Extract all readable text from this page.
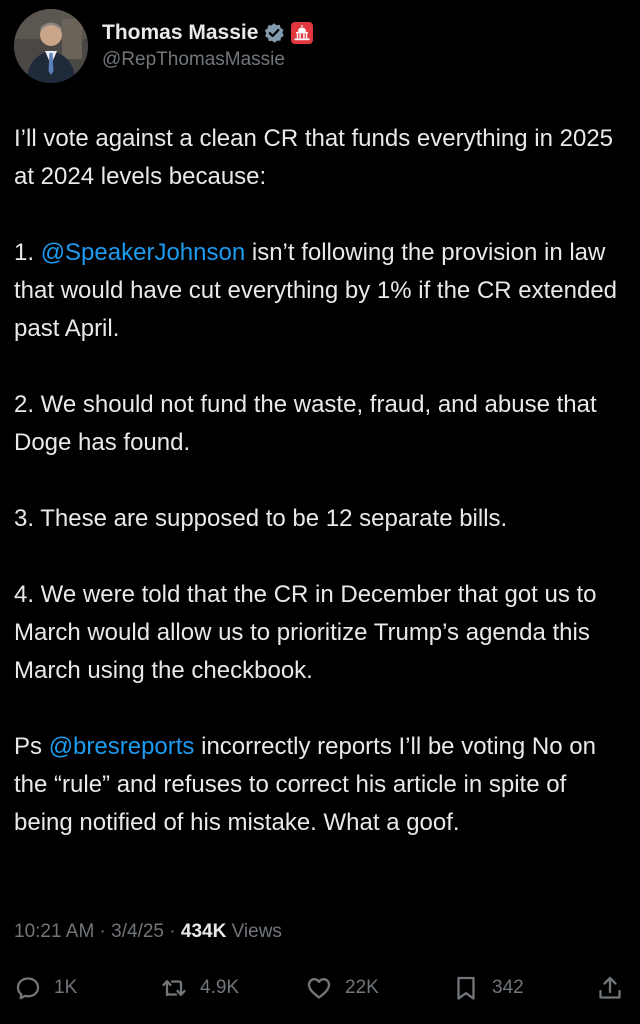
Thomas Massie
@RepThomasMassie
I’ll vote against a clean CR that funds everything in 2025 at 2024 levels because:
1. @SpeakerJohnson isn’t following the provision in law that would have cut everything by 1% if the CR extended past April.
2. We should not fund the waste, fraud, and abuse that Doge has found.
3. These are supposed to be 12 separate bills.
4. We were told that the CR in December that got us to March would allow us to prioritize Trump’s agenda this March using the checkbook.
Ps @bresreports incorrectly reports I’ll be voting No on the “rule” and refuses to correct his article in spite of being notified of his mistake. What a goof.
10:21 AM · 3/4/25 · 434K Views
1K	4.9K	22K	342
